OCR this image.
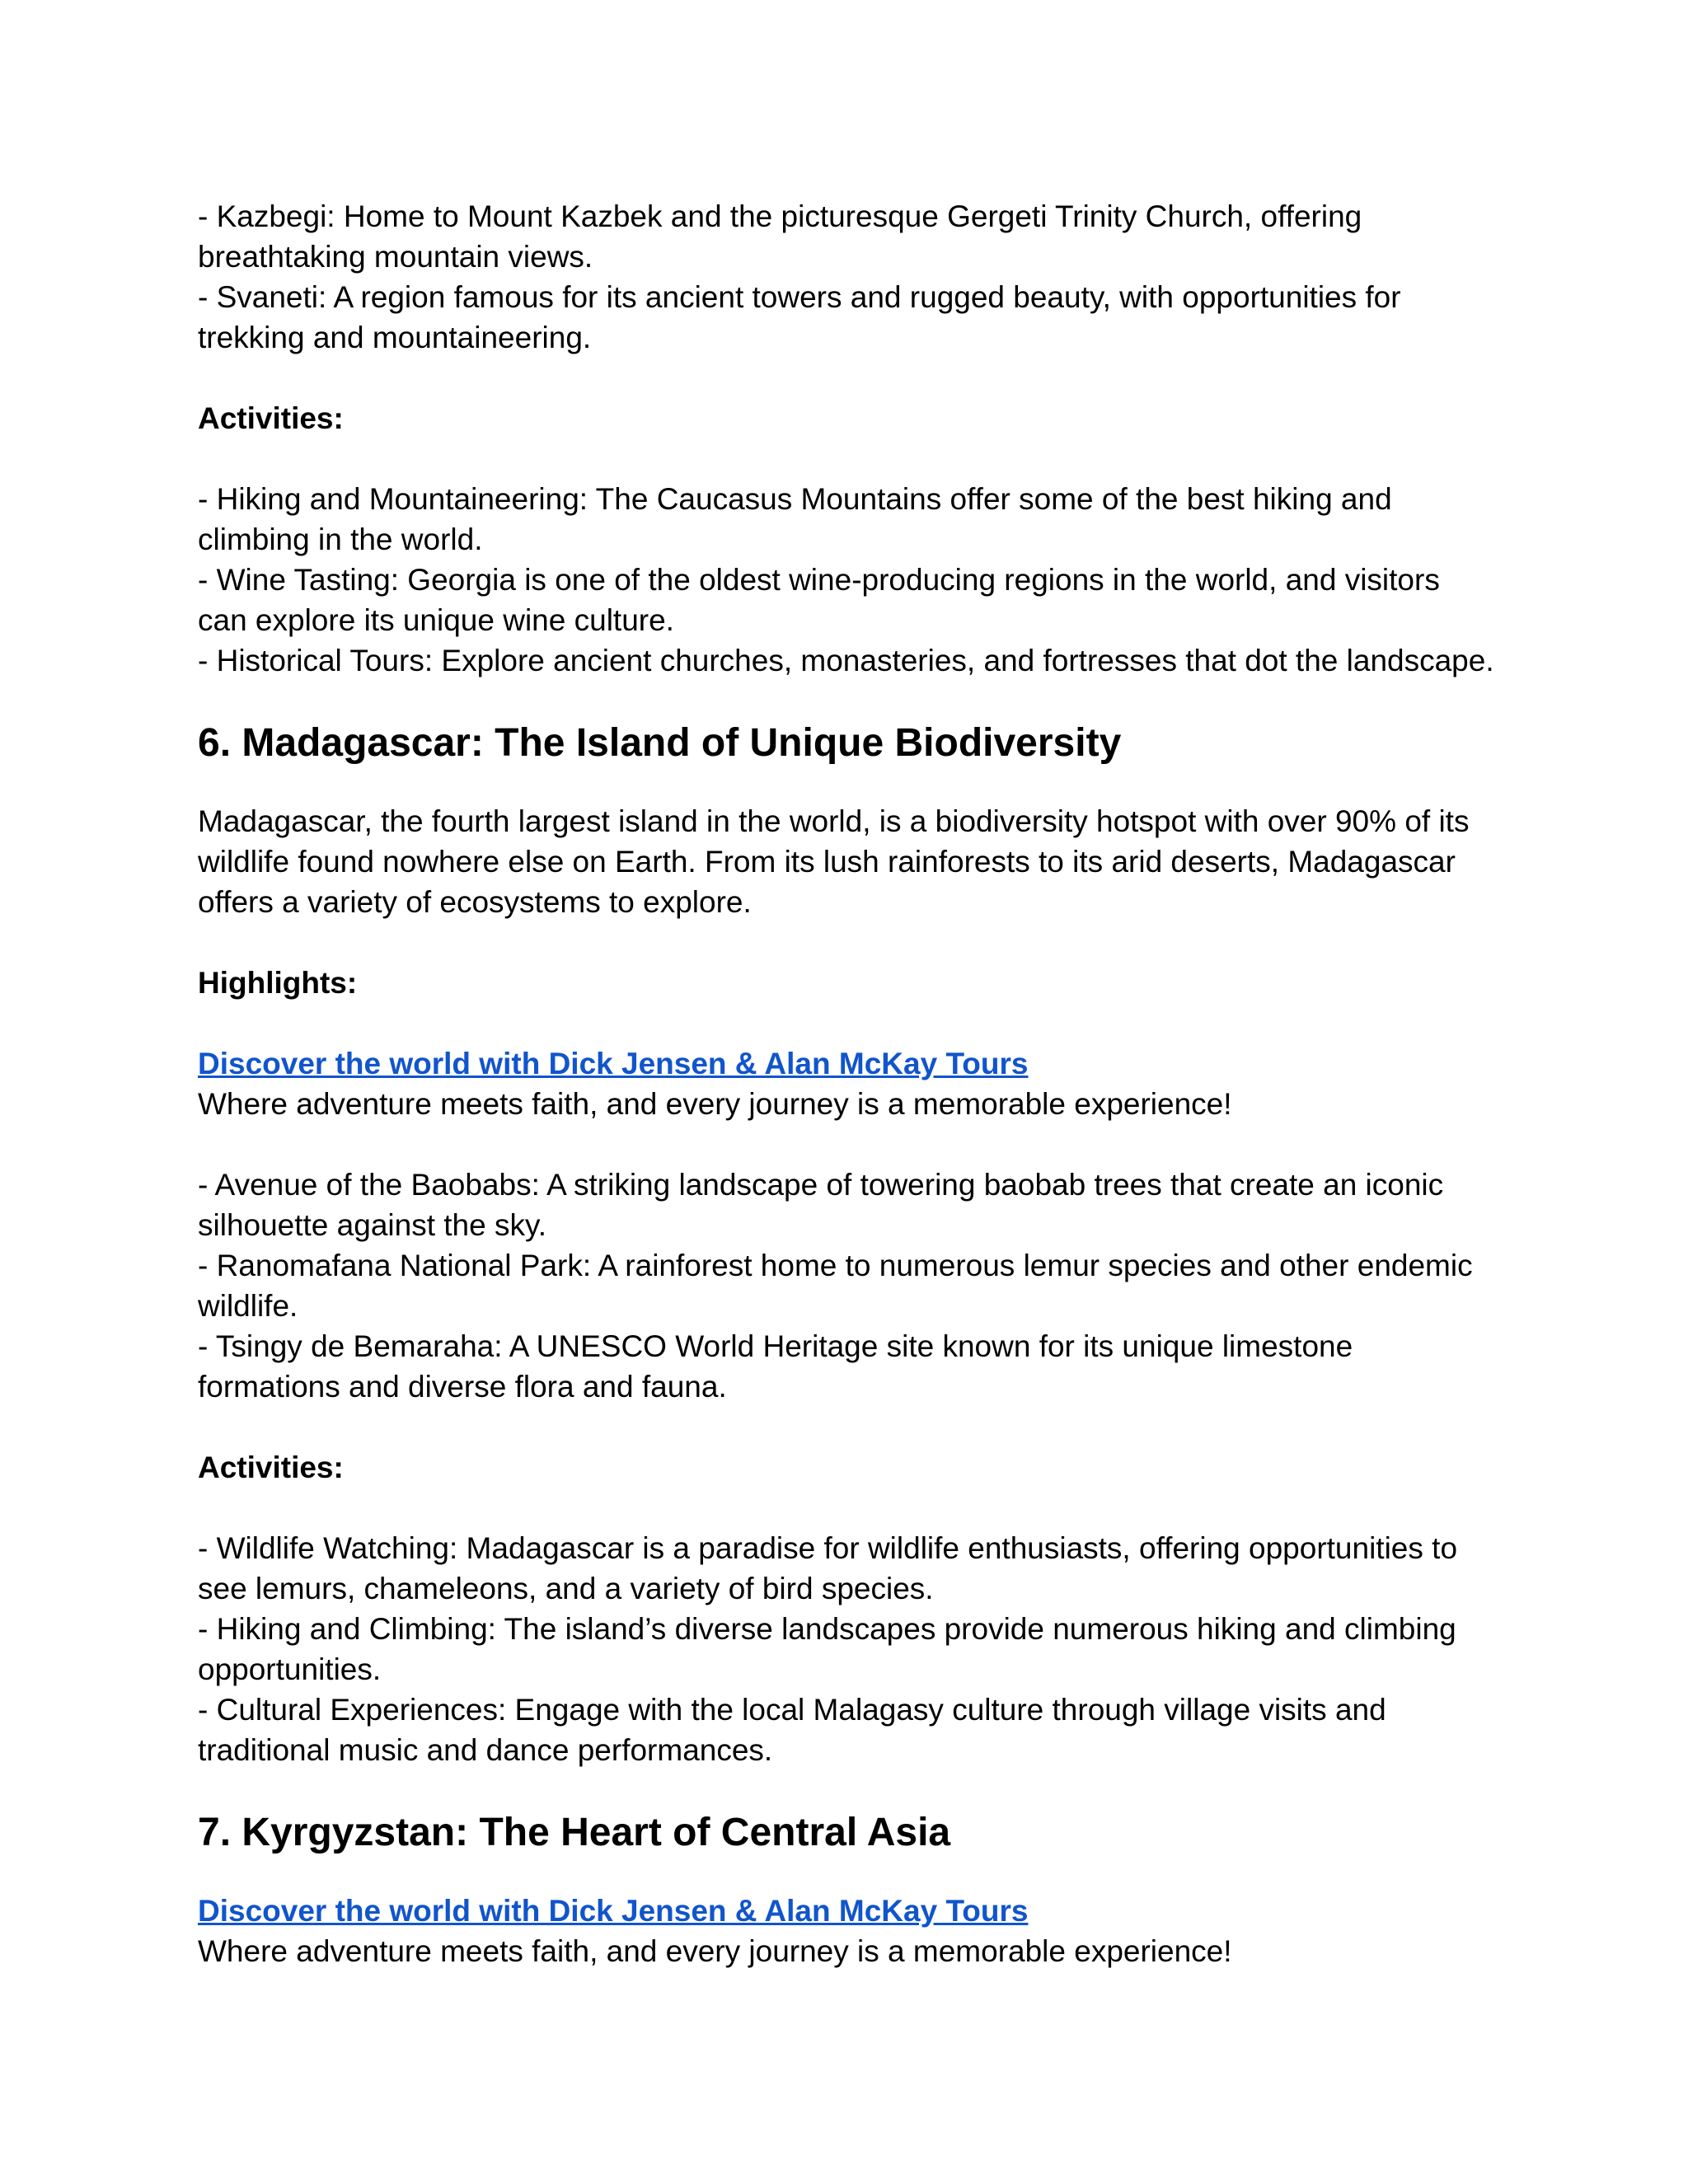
- Kazbegi: Home to Mount Kazbek and the picturesque Gergeti Trinity Church, offering
breathtaking mountain views.
- Svaneti: A region famous for its ancient towers and rugged beauty, with opportunities for
trekking and mountaineering.

Activities:

- Hiking and Mountaineering: The Caucasus Mountains offer some of the best hiking and
climbing in the world.
- Wine Tasting: Georgia is one of the oldest wine-producing regions in the world, and visitors
can explore its unique wine culture.
- Historical Tours: Explore ancient churches, monasteries, and fortresses that dot the landscape.

6. Madagascar: The Island of Unique Biodiversity

Madagascar, the fourth largest island in the world, is a biodiversity hotspot with over 90% of its
wildlife found nowhere else on Earth. From its lush rainforests to its arid deserts, Madagascar
offers a variety of ecosystems to explore.

Highlights:

Discover the world with Dick Jensen & Alan McKay Tours
Where adventure meets faith, and every journey is a memorable experience!

- Avenue of the Baobabs: A striking landscape of towering baobab trees that create an iconic
silhouette against the sky.
- Ranomafana National Park: A rainforest home to numerous lemur species and other endemic
wildlife.
- Tsingy de Bemaraha: A UNESCO World Heritage site known for its unique limestone
formations and diverse flora and fauna.

Activities:

- Wildlife Watching: Madagascar is a paradise for wildlife enthusiasts, offering opportunities to
see lemurs, chameleons, and a variety of bird species.
- Hiking and Climbing: The island’s diverse landscapes provide numerous hiking and climbing
opportunities.
- Cultural Experiences: Engage with the local Malagasy culture through village visits and
traditional music and dance performances.

7. Kyrgyzstan: The Heart of Central Asia

Discover the world with Dick Jensen & Alan McKay Tours
Where adventure meets faith, and every journey is a memorable experience!
